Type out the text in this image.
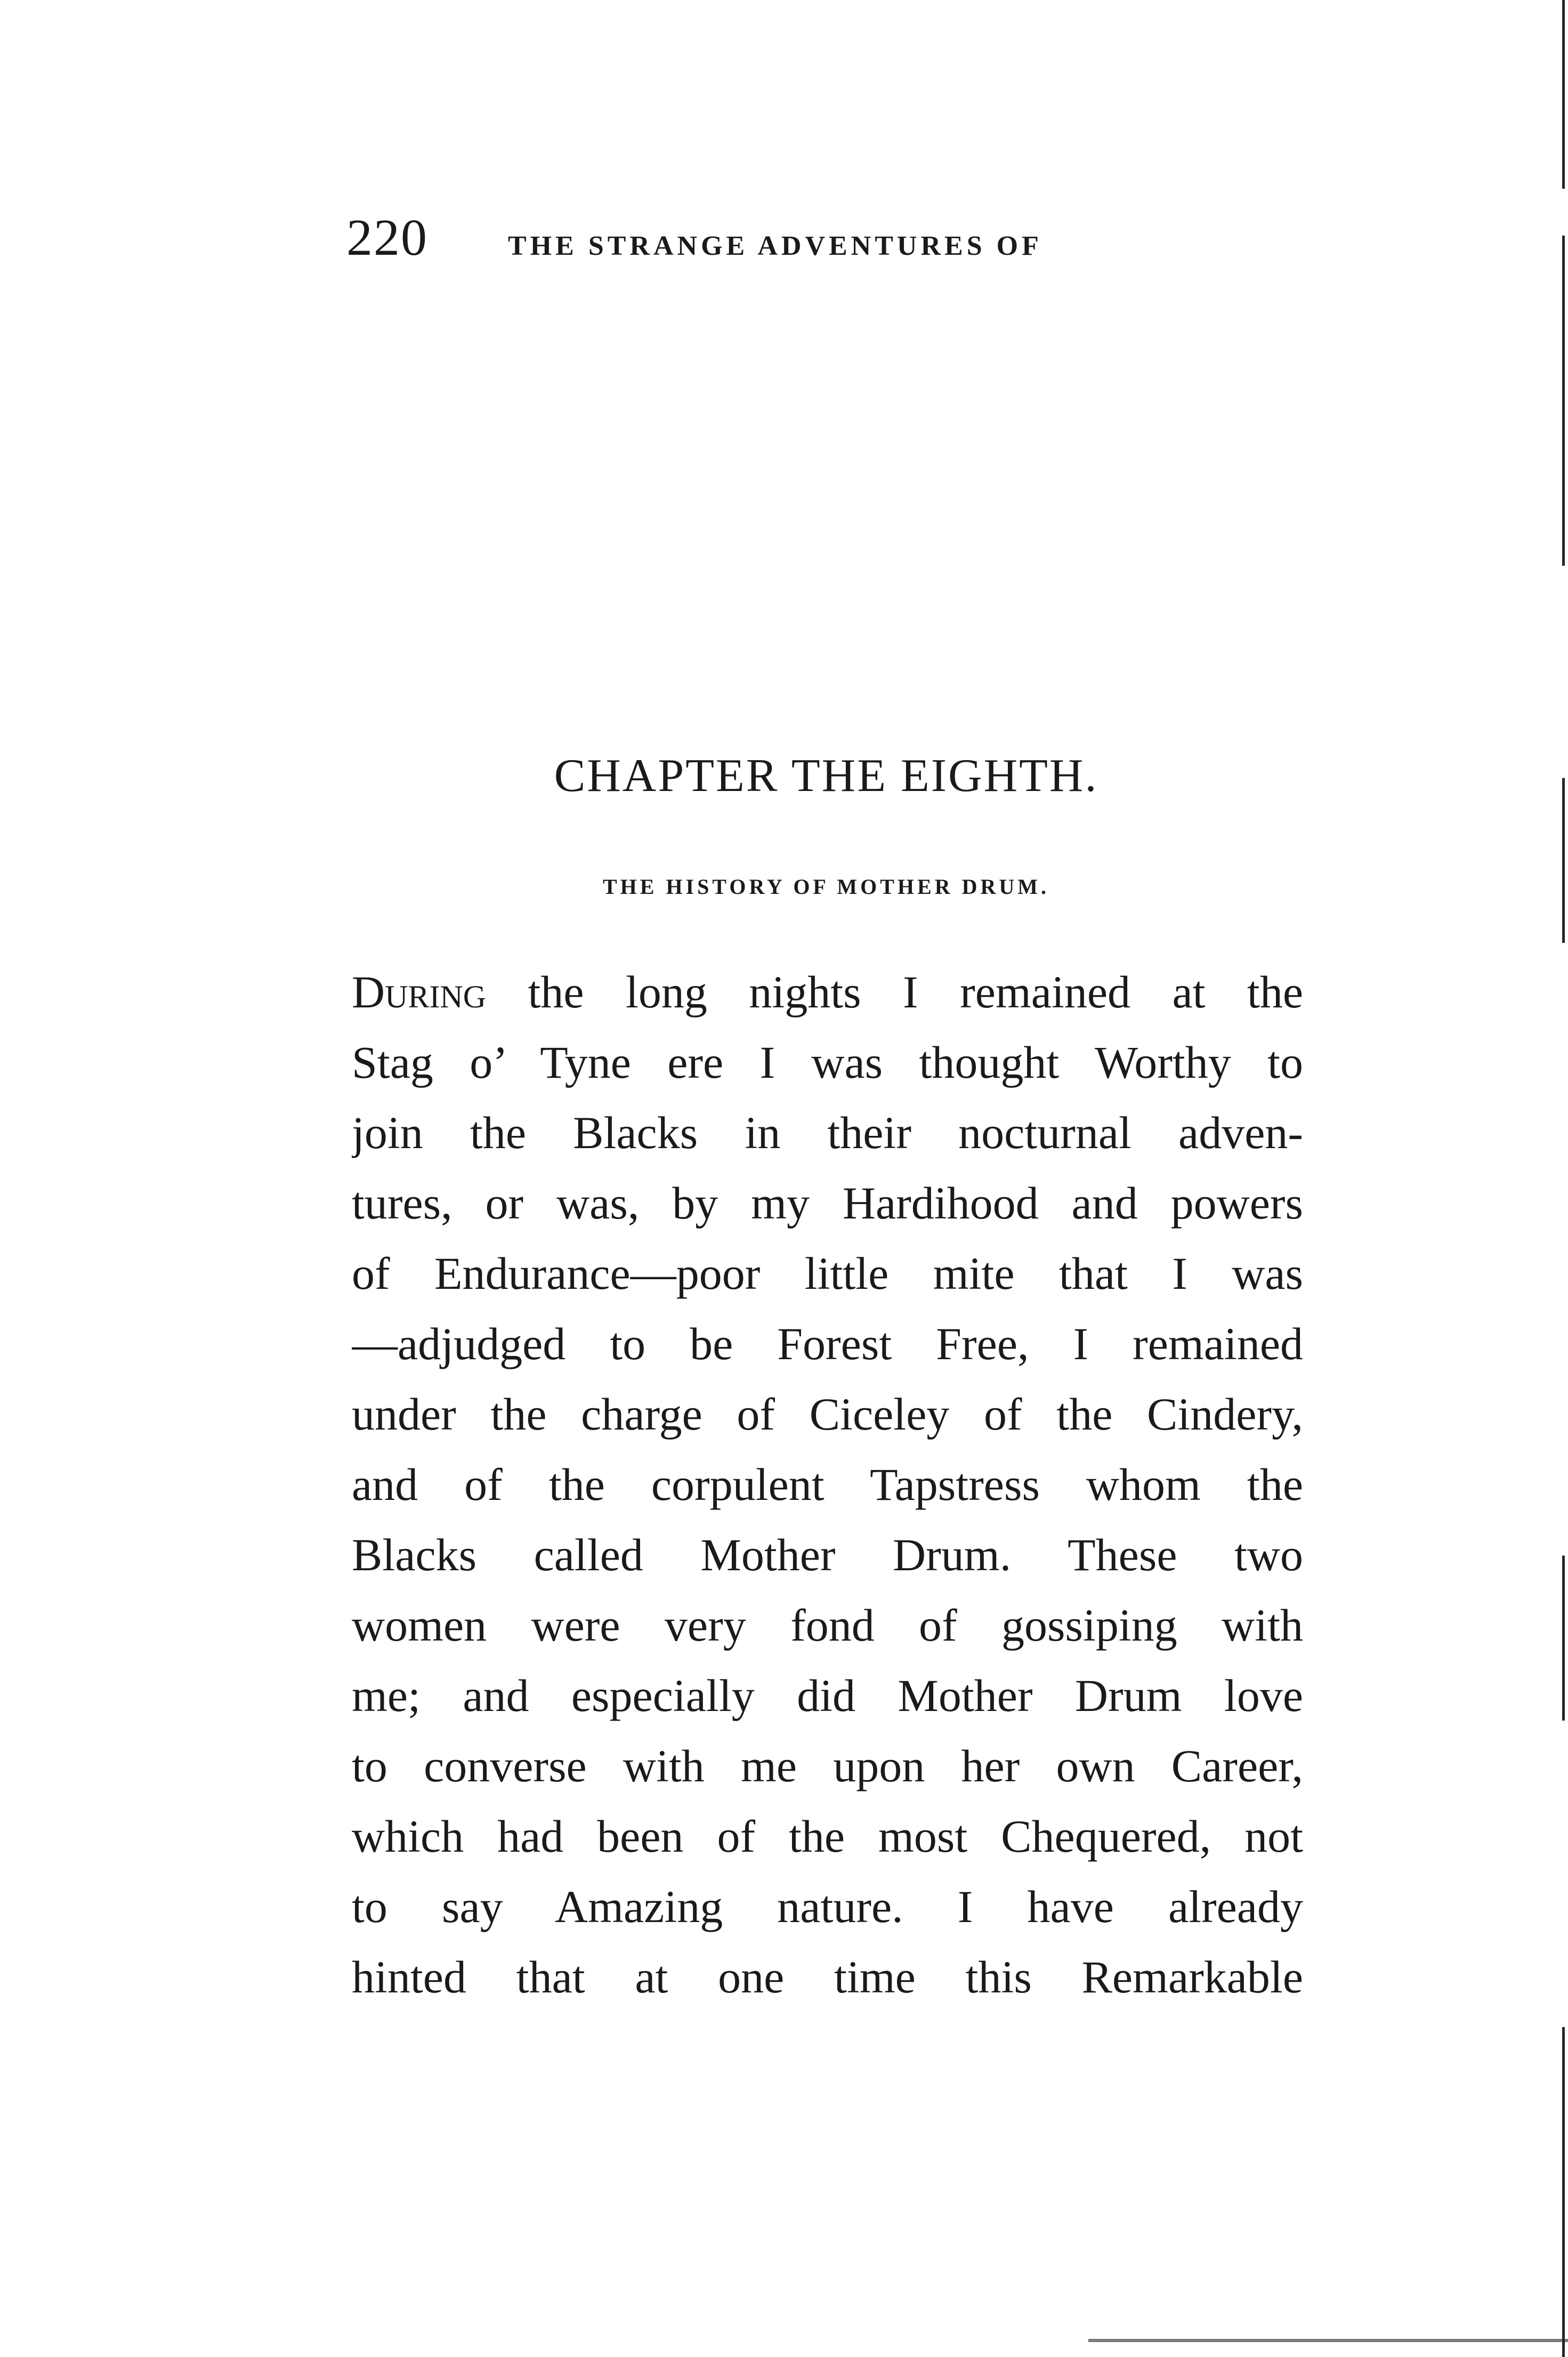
220	THE STRANGE ADVENTURES OF
CHAPTER THE EIGHTH.
THE HISTORY OF MOTHER DRUM.
During the long nights I remained at the
Stag o’ Tyne ere I was thought Worthy to
join the Blacks in their nocturnal adven-
tures, or was, by my Hardihood and powers
of Endurance—poor little mite that I was
—adjudged to be Forest Free, I remained
under the charge of Ciceley of the Cindery,
and of the corpulent Tapstress whom the
Blacks called Mother Drum. These two
women were very fond of gossiping with
me; and especially did Mother Drum love
to converse with me upon her own Career,
which had been of the most Chequered, not
to say Amazing nature. I have already
hinted that at one time this Remarkable
